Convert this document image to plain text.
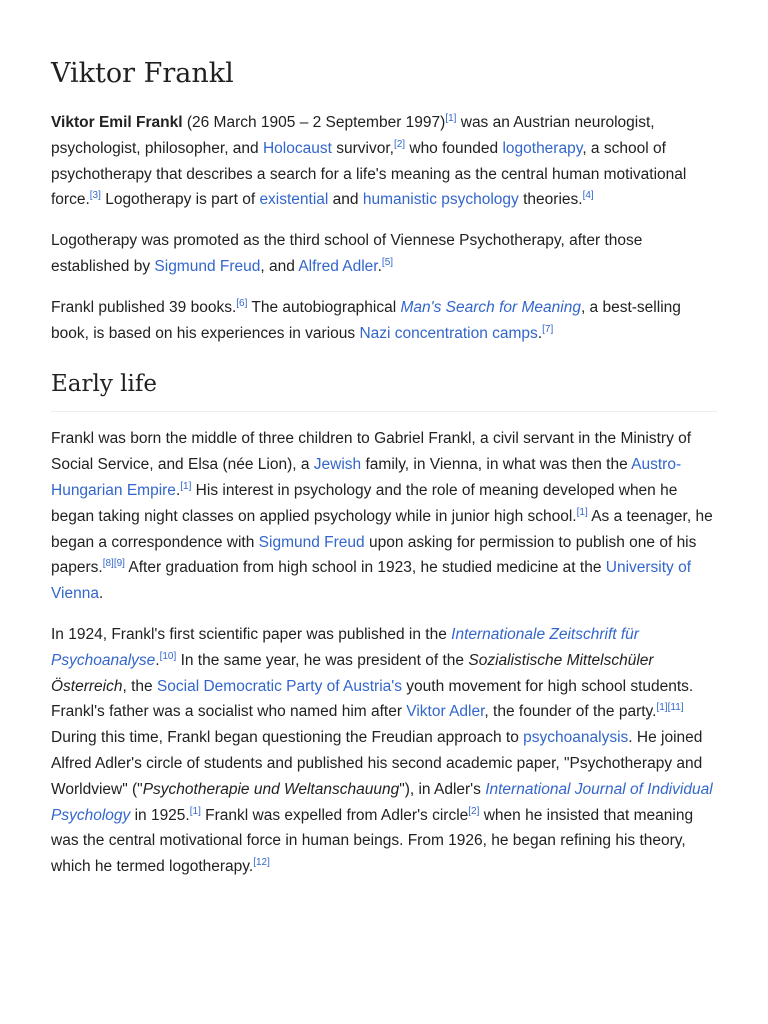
Viktor Frankl

Viktor Emil Frankl (26 March 1905 – 2 September 1997)[1] was an Austrian neurologist, psychologist, philosopher, and Holocaust survivor,[2] who founded logotherapy, a school of psychotherapy that describes a search for a life's meaning as the central human motivational force.[3] Logotherapy is part of existential and humanistic psychology theories.[4]

Logotherapy was promoted as the third school of Viennese Psychotherapy, after those established by Sigmund Freud, and Alfred Adler.[5]

Frankl published 39 books.[6] The autobiographical Man's Search for Meaning, a best-selling book, is based on his experiences in various Nazi concentration camps.[7]

Early life

Frankl was born the middle of three children to Gabriel Frankl, a civil servant in the Ministry of Social Service, and Elsa (née Lion), a Jewish family, in Vienna, in what was then the Austro-Hungarian Empire.[1] His interest in psychology and the role of meaning developed when he began taking night classes on applied psychology while in junior high school.[1] As a teenager, he began a correspondence with Sigmund Freud upon asking for permission to publish one of his papers.[8][9] After graduation from high school in 1923, he studied medicine at the University of Vienna.

In 1924, Frankl's first scientific paper was published in the Internationale Zeitschrift für Psychoanalyse.[10] In the same year, he was president of the Sozialistische Mittelschüler Österreich, the Social Democratic Party of Austria's youth movement for high school students. Frankl's father was a socialist who named him after Viktor Adler, the founder of the party.[1][11] During this time, Frankl began questioning the Freudian approach to psychoanalysis. He joined Alfred Adler's circle of students and published his second academic paper, "Psychotherapy and Worldview" ("Psychotherapie und Weltanschauung"), in Adler's International Journal of Individual Psychology in 1925.[1] Frankl was expelled from Adler's circle[2] when he insisted that meaning was the central motivational force in human beings. From 1926, he began refining his theory, which he termed logotherapy.[12]
